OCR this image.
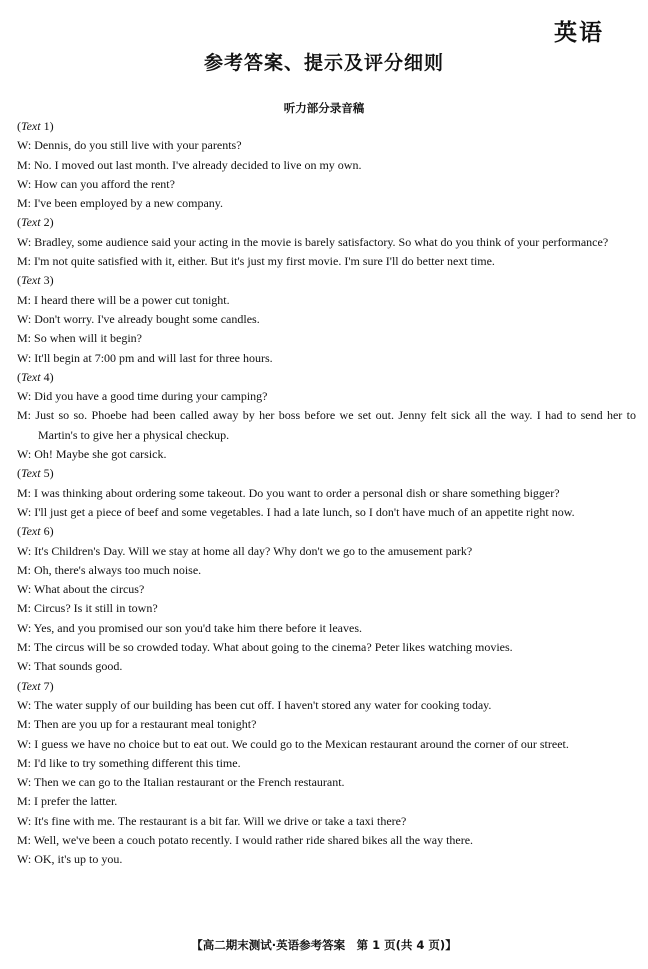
英语
参考答案、提示及评分细则
听力部分录音稿
(Text 1)
W: Dennis, do you still live with your parents?
M: No. I moved out last month. I've already decided to live on my own.
W: How can you afford the rent?
M: I've been employed by a new company.
(Text 2)
W: Bradley, some audience said your acting in the movie is barely satisfactory. So what do you think of your performance?
M: I'm not quite satisfied with it, either. But it's just my first movie. I'm sure I'll do better next time.
(Text 3)
M: I heard there will be a power cut tonight.
W: Don't worry. I've already bought some candles.
M: So when will it begin?
W: It'll begin at 7:00 pm and will last for three hours.
(Text 4)
W: Did you have a good time during your camping?
M: Just so so. Phoebe had been called away by her boss before we set out. Jenny felt sick all the way. I had to send her to Martin's to give her a physical checkup.
W: Oh! Maybe she got carsick.
(Text 5)
M: I was thinking about ordering some takeout. Do you want to order a personal dish or share something bigger?
W: I'll just get a piece of beef and some vegetables. I had a late lunch, so I don't have much of an appetite right now.
(Text 6)
W: It's Children's Day. Will we stay at home all day? Why don't we go to the amusement park?
M: Oh, there's always too much noise.
W: What about the circus?
M: Circus? Is it still in town?
W: Yes, and you promised our son you'd take him there before it leaves.
M: The circus will be so crowded today. What about going to the cinema? Peter likes watching movies.
W: That sounds good.
(Text 7)
W: The water supply of our building has been cut off. I haven't stored any water for cooking today.
M: Then are you up for a restaurant meal tonight?
W: I guess we have no choice but to eat out. We could go to the Mexican restaurant around the corner of our street.
M: I'd like to try something different this time.
W: Then we can go to the Italian restaurant or the French restaurant.
M: I prefer the latter.
W: It's fine with me. The restaurant is a bit far. Will we drive or take a taxi there?
M: Well, we've been a couch potato recently. I would rather ride shared bikes all the way there.
W: OK, it's up to you.
【高二期末测试·英语参考答案　第 1 页(共 4 页)】
